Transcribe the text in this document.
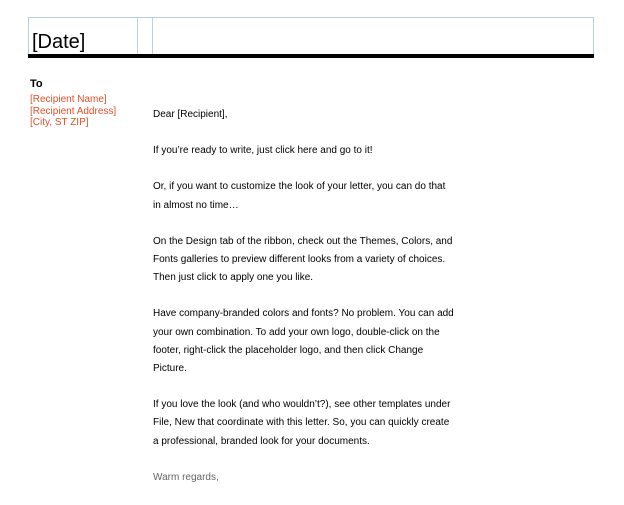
[Date]
To
[Recipient Name]
[Recipient Address]
[City, ST ZIP]

Dear [Recipient],

If you’re ready to write, just click here and go to it!

Or, if you want to customize the look of your letter, you can do that
in almost no time…

On the Design tab of the ribbon, check out the Themes, Colors, and
Fonts galleries to preview different looks from a variety of choices.
Then just click to apply one you like.

Have company-branded colors and fonts? No problem. You can add
your own combination. To add your own logo, double-click on the
footer, right-click the placeholder logo, and then click Change
Picture.

If you love the look (and who wouldn’t?), see other templates under
File, New that coordinate with this letter. So, you can quickly create
a professional, branded look for your documents.

Warm regards,
